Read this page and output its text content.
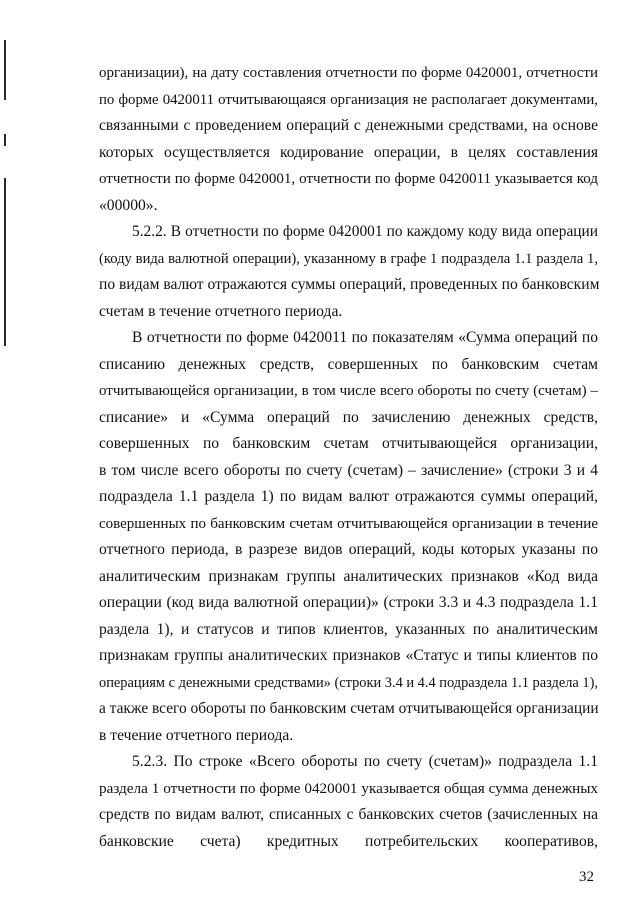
организации), на дату составления отчетности по форме 0420001, отчетности
по форме 0420011 отчитывающаяся организация не располагает документами,
связанными с проведением операций с денежными средствами, на основе
которых осуществляется кодирование операции, в целях составления
отчетности по форме 0420001, отчетности по форме 0420011 указывается код
«00000».
5.2.2. В отчетности по форме 0420001 по каждому коду вида операции
(коду вида валютной операции), указанному в графе 1 подраздела 1.1 раздела 1,
по видам валют отражаются суммы операций, проведенных по банковским
счетам в течение отчетного периода.
В отчетности по форме 0420011 по показателям «Сумма операций по
списанию денежных средств, совершенных по банковским счетам
отчитывающейся организации, в том числе всего обороты по счету (счетам) –
списание» и «Сумма операций по зачислению денежных средств,
совершенных по банковским счетам отчитывающейся организации,
в том числе всего обороты по счету (счетам) – зачисление» (строки 3 и 4
подраздела 1.1 раздела 1) по видам валют отражаются суммы операций,
совершенных по банковским счетам отчитывающейся организации в течение
отчетного периода, в разрезе видов операций, коды которых указаны по
аналитическим признакам группы аналитических признаков «Код вида
операции (код вида валютной операции)» (строки 3.3 и 4.3 подраздела 1.1
раздела 1), и статусов и типов клиентов, указанных по аналитическим
признакам группы аналитических признаков «Статус и типы клиентов по
операциям с денежными средствами» (строки 3.4 и 4.4 подраздела 1.1 раздела 1),
а также всего обороты по банковским счетам отчитывающейся организации
в течение отчетного периода.
5.2.3. По строке «Всего обороты по счету (счетам)» подраздела 1.1
раздела 1 отчетности по форме 0420001 указывается общая сумма денежных
средств по видам валют, списанных с банковских счетов (зачисленных на
банковские счета) кредитных потребительских кооперативов,
32
